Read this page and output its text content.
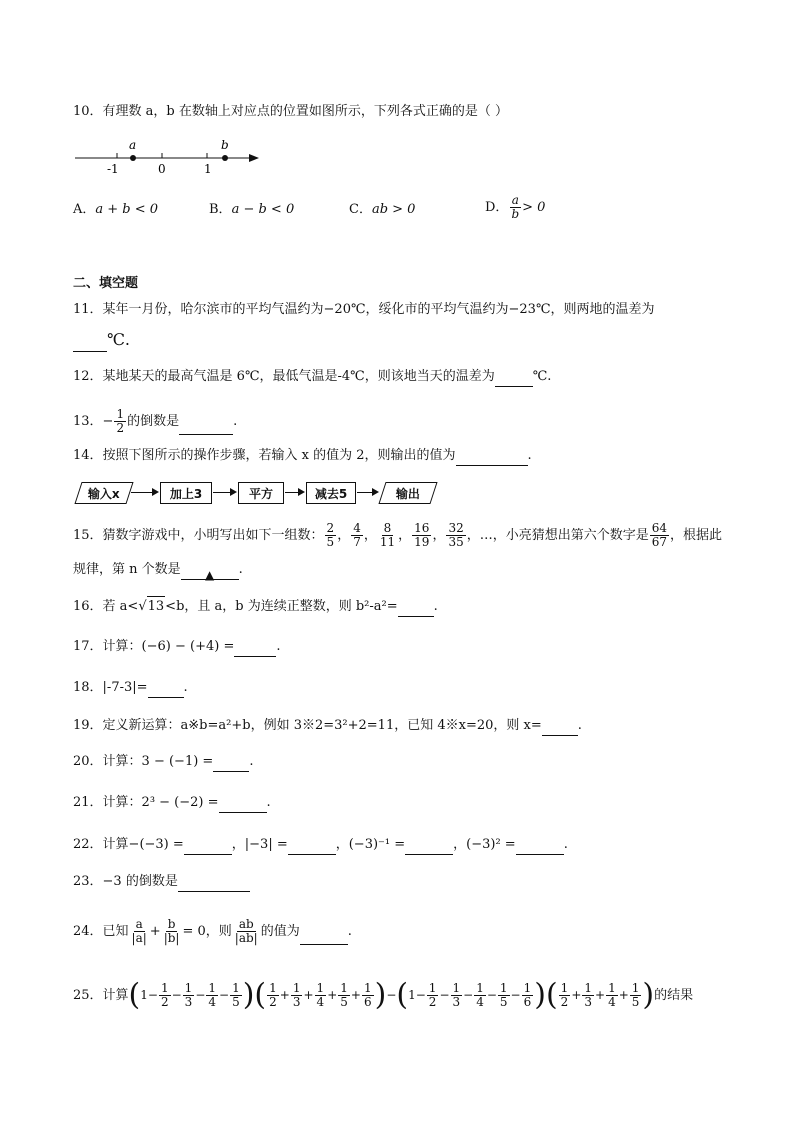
10．有理数 a，b 在数轴上对应点的位置如图所示，下列各式正确的是（ ）
a	b
-1	0	1
A．a + b < 0	B．a − b < 0	C．ab > 0	D． $\frac{a}{b} > 0$
二、填空题
11．某年一月份，哈尔滨市的平均气温约为−20℃，绥化市的平均气温约为−23℃，则两地的温差为
℃.
12．某地某天的最高气温是 6℃，最低气温是-4℃，则该地当天的温差为	℃.
13．− $\frac{1}{2}$ 的倒数是	.
14．按照下图所示的操作步骤，若输入 x 的值为 2，则输出的值为	.
输入x	加上3	平方	减去5	输出
15．猜数字游戏中，小明写出如下一组数： $\frac{2}{5}$ ， $\frac{4}{7}$ ， $\frac{8}{11}$ ， $\frac{16}{19}$ ， $\frac{32}{35}$ ，…，小亮猜想出第六个数字是 $\frac{64}{67}$ ，根据此
规律，第 n 个数是 ▲ .
16．若 a<√13<b，且 a，b 为连续正整数，则 b²-a²=	.
17．计算：(−6) − (+4) =	.
18．|-7-3|=	.
19．定义新运算：a※b=a²+b，例如 3※2=3²+2=11，已知 4※x=20，则 x=	.
20．计算：3 − (−1) =	.
21．计算：2³ − (−2) =	.
22．计算−(−3) =	，|−3| =	，(−3)⁻¹ =	，(−3)² =	.
23．−3 的倒数是
24．已知 $\frac{a}{|a|} + \frac{b}{|b|} = 0$，则 $\frac{ab}{|ab|}$ 的值为	.
25．计算($1- \frac{1}{2} - \frac{1}{3} - \frac{1}{4} - \frac{1}{5}$ )( $\frac{1}{2} + \frac{1}{3} + \frac{1}{4} + \frac{1}{5} + \frac{1}{6} )-(1- \frac{1}{2} - \frac{1}{3} - \frac{1}{4} - \frac{1}{5} - \frac{1}{6}$ )( $\frac{1}{2} + \frac{1}{3} + \frac{1}{4} + \frac{1}{5}$ )的结果
